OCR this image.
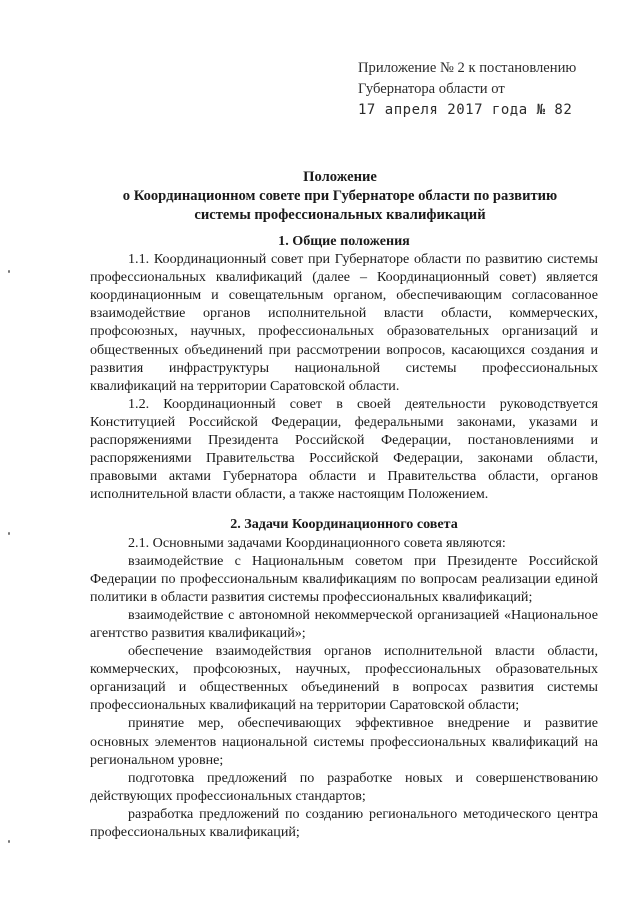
Приложение № 2 к постановлению
Губернатора области от
17 апреля 2017 года № 82
Положение
о Координационном совете при Губернаторе области по развитию
системы профессиональных квалификаций

1. Общие положения

1.1. Координационный совет при Губернаторе области по развитию системы профессиональных квалификаций (далее – Координационный совет) является координационным и совещательным органом, обеспечивающим согласованное взаимодействие органов исполнительной власти области, коммерческих, профсоюзных, научных, профессиональных образовательных организаций и общественных объединений при рассмотрении вопросов, касающихся создания и развития инфраструктуры национальной системы профессиональных квалификаций на территории Саратовской области.

1.2. Координационный совет в своей деятельности руководствуется Конституцией Российской Федерации, федеральными законами, указами и распоряжениями Президента Российской Федерации, постановлениями и распоряжениями Правительства Российской Федерации, законами области, правовыми актами Губернатора области и Правительства области, органов исполнительной власти области, а также настоящим Положением.

2. Задачи Координационного совета

2.1. Основными задачами Координационного совета являются:

взаимодействие с Национальным советом при Президенте Российской Федерации по профессиональным квалификациям по вопросам реализации единой политики в области развития системы профессиональных квалификаций;

взаимодействие с автономной некоммерческой организацией «Национальное агентство развития квалификаций»;

обеспечение взаимодействия органов исполнительной власти области, коммерческих, профсоюзных, научных, профессиональных образовательных организаций и общественных объединений в вопросах развития системы профессиональных квалификаций на территории Саратовской области;

принятие мер, обеспечивающих эффективное внедрение и развитие основных элементов национальной системы профессиональных квалификаций на региональном уровне;

подготовка предложений по разработке новых и совершенствованию действующих профессиональных стандартов;

разработка предложений по созданию регионального методического центра профессиональных квалификаций;
